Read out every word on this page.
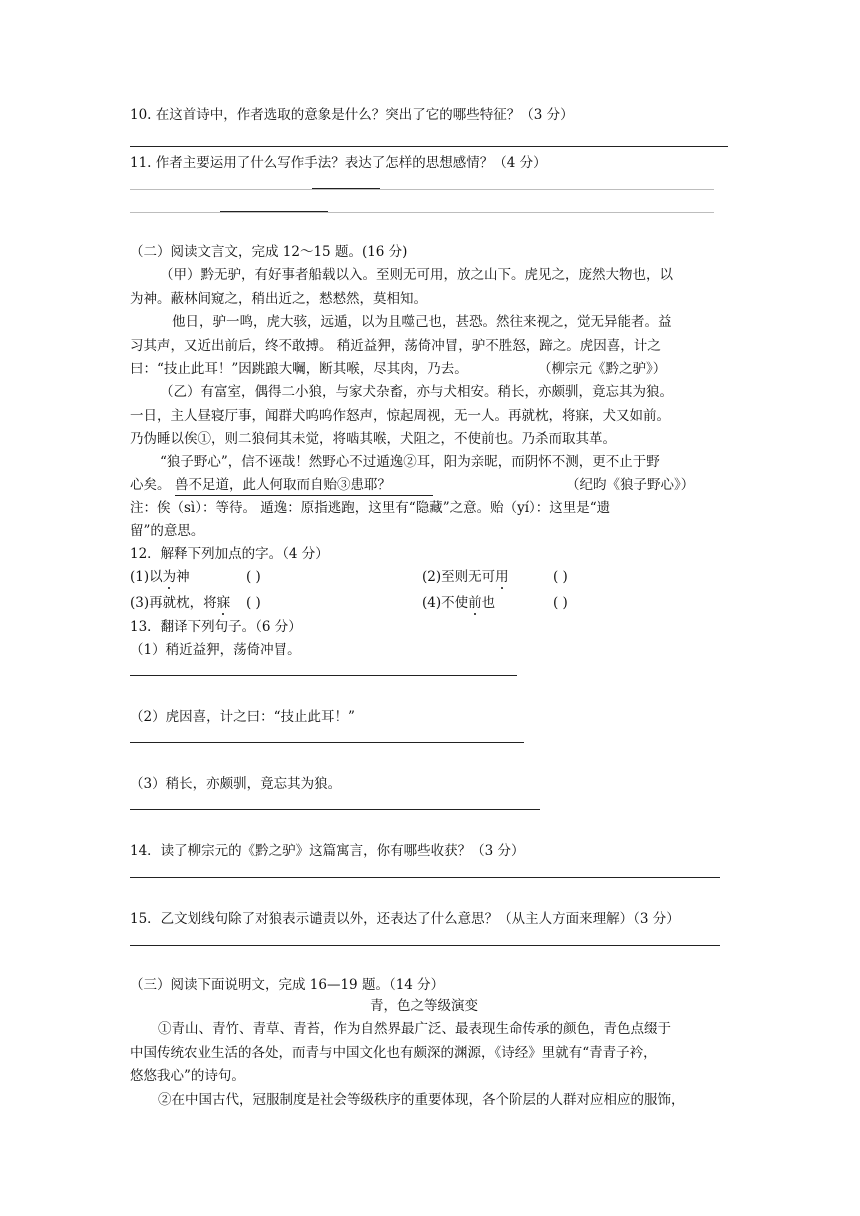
10. 在这首诗中，作者选取的意象是什么？突出了它的哪些特征？（3 分）
11. 作者主要运用了什么写作手法？表达了怎样的思想感情？（4 分）
（二）阅读文言文，完成 12～15 题。(16 分)
（甲）黔无驴，有好事者船载以入。至则无可用，放之山下。虎见之，庞然大物也，以
为神。蔽林间窥之，稍出近之，慭慭然，莫相知。
他日，驴一鸣，虎大骇，远遁，以为且噬己也，甚恐。然往来视之，觉无异能者。益
习其声，又近出前后，终不敢搏。 稍近益狎，荡倚冲冒，驴不胜怒，蹄之。虎因喜，计之
曰：“技止此耳！”因跳踉大㘎，断其喉，尽其肉，乃去。	（柳宗元《黔之驴》）
（乙）有富室，偶得二小狼，与家犬杂畜，亦与犬相安。稍长，亦颇驯，竟忘其为狼。
一日，主人昼寝厅事，闻群犬呜呜作怒声，惊起周视，无一人。再就枕，将寐，犬又如前。
乃伪睡以俟①，则二狼伺其未觉，将啮其喉，犬阻之，不使前也。乃杀而取其革。
“狼子野心”，信不诬哉！然野心不过遁逸②耳，阳为亲昵，而阴怀不测，更不止于野
心矣。 兽不足道，此人何取而自贻③患耶？	（纪昀《狼子野心》）
注：俟（sì）：等待。 遁逸：原指逃跑，这里有“隐藏”之意。贻（yí）：这里是“遗
留”的意思。
12．解释下列加点的字。（4 分）
(1)以为神	( )	(2)至则无可用	( )
(3)再就枕，将寐 ( )	(4)不使前也	( )
13．翻译下列句子。（6 分）
（1）稍近益狎，荡倚冲冒。
（2）虎因喜，计之曰：“技止此耳！”
（3）稍长，亦颇驯，竟忘其为狼。
14．读了柳宗元的《黔之驴》这篇寓言，你有哪些收获？（3 分）
15．乙文划线句除了对狼表示谴责以外，还表达了什么意思？（从主人方面来理解）（3 分）
（三）阅读下面说明文，完成 16—19 题。（14 分）
青，色之等级演变
①青山、青竹、青草、青苔，作为自然界最广泛、最表现生命传承的颜色，青色点缀于
中国传统农业生活的各处，而青与中国文化也有颇深的渊源，《诗经》里就有“青青子衿，
悠悠我心”的诗句。
②在中国古代，冠服制度是社会等级秩序的重要体现，各个阶层的人群对应相应的服饰，
